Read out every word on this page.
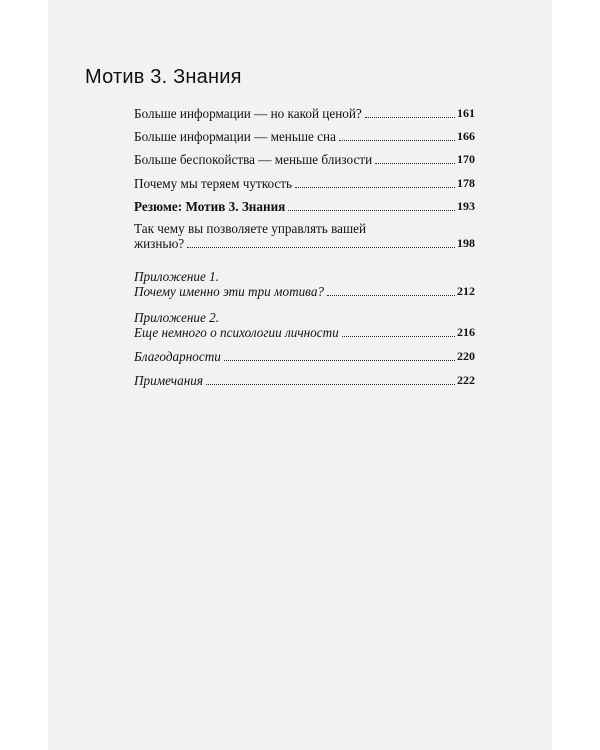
Мотив 3. Знания
Больше информации — но какой ценой?	161
Больше информации — меньше сна	166
Больше беспокойства — меньше близости	170
Почему мы теряем чуткость	178
Резюме: Мотив 3. Знания	193
Так чему вы позволяете управлять вашей
жизнью?	198
Приложение 1.
Почему именно эти три мотива?	212
Приложение 2.
Еще немного о психологии личности	216
Благодарности	220
Примечания	222
